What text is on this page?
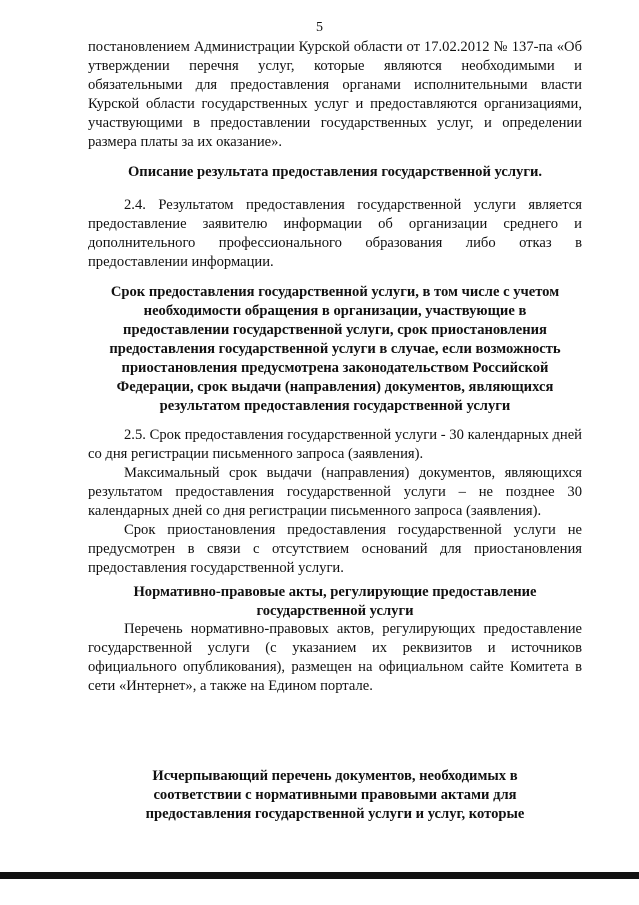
5

постановлением Администрации Курской области от 17.02.2012 № 137-па «Об утверждении перечня услуг, которые являются необходимыми и обязательными для предоставления органами исполнительными власти Курской области государственных услуг и предоставляются организациями, участвующими в предоставлении государственных услуг, и определении размера платы за их оказание».

Описание результата предоставления государственной услуги.

2.4. Результатом предоставления государственной услуги является предоставление заявителю информации об организации среднего и дополнительного профессионального образования либо отказ в предоставлении информации.

Срок предоставления государственной услуги, в том числе с учетом необходимости обращения в организации, участвующие в предоставлении государственной услуги, срок приостановления предоставления государственной услуги в случае, если возможность приостановления предусмотрена законодательством Российской Федерации, срок выдачи (направления) документов, являющихся результатом предоставления государственной услуги

2.5. Срок предоставления государственной услуги - 30 календарных дней со дня регистрации письменного запроса (заявления).

Максимальный срок выдачи (направления) документов, являющихся результатом предоставления государственной услуги – не позднее 30 календарных дней со дня регистрации письменного запроса (заявления).

Срок приостановления предоставления государственной услуги не предусмотрен в связи с отсутствием оснований для приостановления предоставления государственной услуги.

Нормативно-правовые акты, регулирующие предоставление государственной услуги

Перечень нормативно-правовых актов, регулирующих предоставление государственной услуги (с указанием их реквизитов и источников официального опубликования), размещен на официальном сайте Комитета в сети «Интернет», а также на Едином портале.

Исчерпывающий перечень документов, необходимых в соответствии с нормативными правовыми актами для предоставления государственной услуги и услуг, которые
